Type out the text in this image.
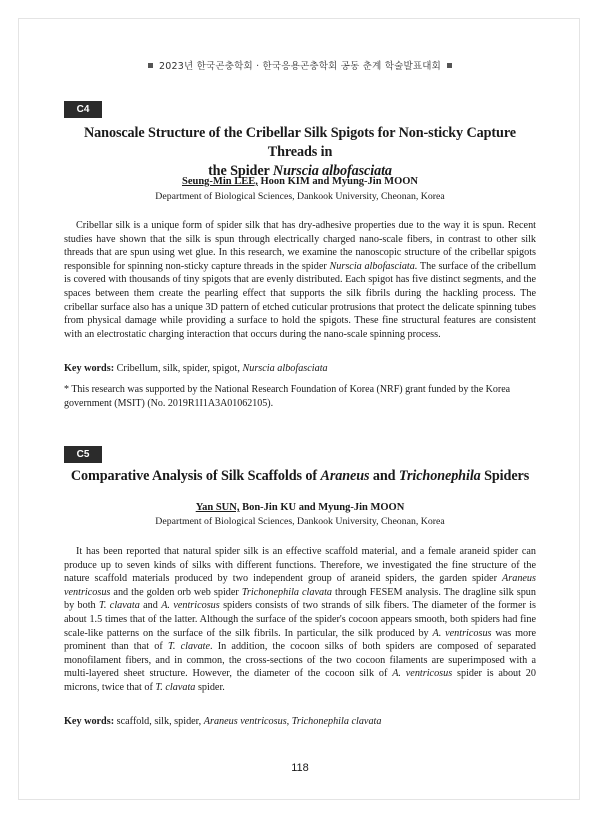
2023년 한국곤충학회 · 한국응용곤충학회 공동 춘계 학술발표대회
C4
Nanoscale Structure of the Cribellar Silk Spigots for Non-sticky Capture Threads in
the Spider Nurscia albofasciata
Seung-Min LEE, Hoon KIM and Myung-Jin MOON
Department of Biological Sciences, Dankook University, Cheonan, Korea

Cribellar silk is a unique form of spider silk that has dry-adhesive properties due to the way it is spun. Recent studies have shown that the silk is spun through electrically charged nano-scale fibers, in contrast to other silk threads that are spun using wet glue. In this research, we examine the nanoscopic structure of the cribellar spigots responsible for spinning non-sticky capture threads in the spider Nurscia albofasciata. The surface of the cribellum is covered with thousands of tiny spigots that are evenly distributed. Each spigot has five distinct segments, and the spaces between them create the pearling effect that supports the silk fibrils during the hackling process. The cribellar surface also has a unique 3D pattern of etched cuticular protrusions that protect the delicate spinning tubes from physical damage while providing a surface to hold the spigots. These fine structural features are consistent with an electrostatic charging interaction that occurs during the nano-scale spinning process.

Key words: Cribellum, silk, spider, spigot, Nurscia albofasciata
* This research was supported by the National Research Foundation of Korea (NRF) grant funded by the Korea government (MSIT) (No. 2019R1I1A3A01062105).
C5
Comparative Analysis of Silk Scaffolds of Araneus and Trichonephila Spiders
Yan SUN, Bon-Jin KU and Myung-Jin MOON
Department of Biological Sciences, Dankook University, Cheonan, Korea

It has been reported that natural spider silk is an effective scaffold material, and a female araneid spider can produce up to seven kinds of silks with different functions. Therefore, we investigated the fine structure of the nature scaffold materials produced by two independent group of araneid spiders, the garden spider Araneus ventricosus and the golden orb web spider Trichonephila clavata through FESEM analysis. The dragline silk spun by both T. clavata and A. ventricosus spiders consists of two strands of silk fibers. The diameter of the former is about 1.5 times that of the latter. Although the surface of the spider's cocoon appears smooth, both spiders had fine scale-like patterns on the surface of the silk fibrils. In particular, the silk produced by A. ventricosus was more prominent than that of T. clavate. In addition, the cocoon silks of both spiders are composed of separated monofilament fibers, and in common, the cross-sections of the two cocoon filaments are superimposed with a multi-layered sheet structure. However, the diameter of the cocoon silk of A. ventricosus spider is about 20 microns, twice that of T. clavata spider.

Key words: scaffold, silk, spider, Araneus ventricosus, Trichonephila clavata
118
